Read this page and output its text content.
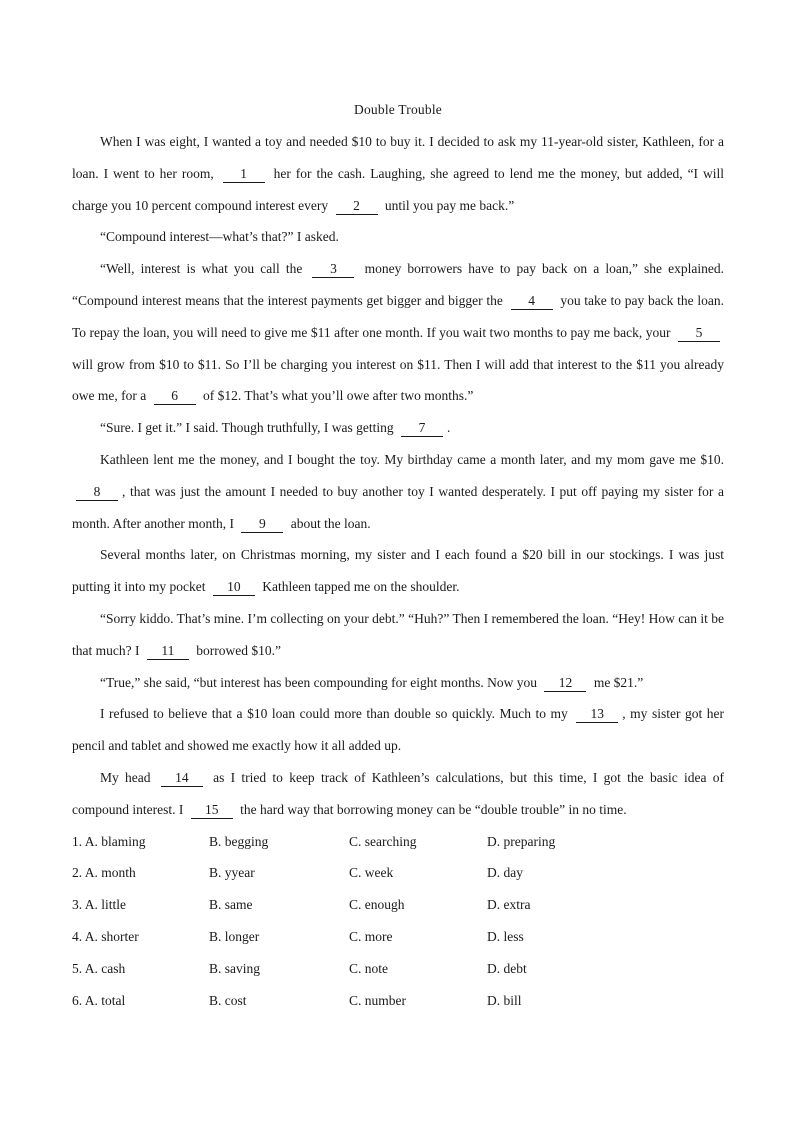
Double Trouble

When I was eight, I wanted a toy and needed $10 to buy it. I decided to ask my 11-year-old sister, Kathleen, for a loan. I went to her room, 1 her for the cash. Laughing, she agreed to lend me the money, but added, “I will charge you 10 percent compound interest every 2 until you pay me back.”

“Compound interest—what’s that?” I asked.

“Well, interest is what you call the 3 money borrowers have to pay back on a loan,” she explained. “Compound interest means that the interest payments get bigger and bigger the 4 you take to pay back the loan. To repay the loan, you will need to give me $11 after one month. If you wait two months to pay me back, your 5 will grow from $10 to $11. So I’ll be charging you interest on $11. Then I will add that interest to the $11 you already owe me, for a 6 of $12. That’s what you’ll owe after two months.”

“Sure. I get it.” I said. Though truthfully, I was getting 7 .

Kathleen lent me the money, and I bought the toy. My birthday came a month later, and my mom gave me $10. 8 , that was just the amount I needed to buy another toy I wanted desperately. I put off paying my sister for a month. After another month, I 9 about the loan.

Several months later, on Christmas morning, my sister and I each found a $20 bill in our stockings. I was just putting it into my pocket 10 Kathleen tapped me on the shoulder.

“Sorry kiddo. That’s mine. I’m collecting on your debt.” “Huh?” Then I remembered the loan. “Hey! How can it be that much? I 11 borrowed $10.”

“True,” she said, “but interest has been compounding for eight months. Now you 12 me $21.”

I refused to believe that a $10 loan could more than double so quickly. Much to my 13 , my sister got her pencil and tablet and showed me exactly how it all added up.

My head 14 as I tried to keep track of Kathleen’s calculations, but this time, I got the basic idea of compound interest. I 15 the hard way that borrowing money can be “double trouble” in no time.

1. A. blaming	B. begging	C. searching	D. preparing
2. A. month	B. yyear	C. week	D. day
3. A. little	B. same	C. enough	D. extra
4. A. shorter	B. longer	C. more	D. less
5. A. cash	B. saving	C. note	D. debt
6. A. total	B. cost	C. number	D. bill
